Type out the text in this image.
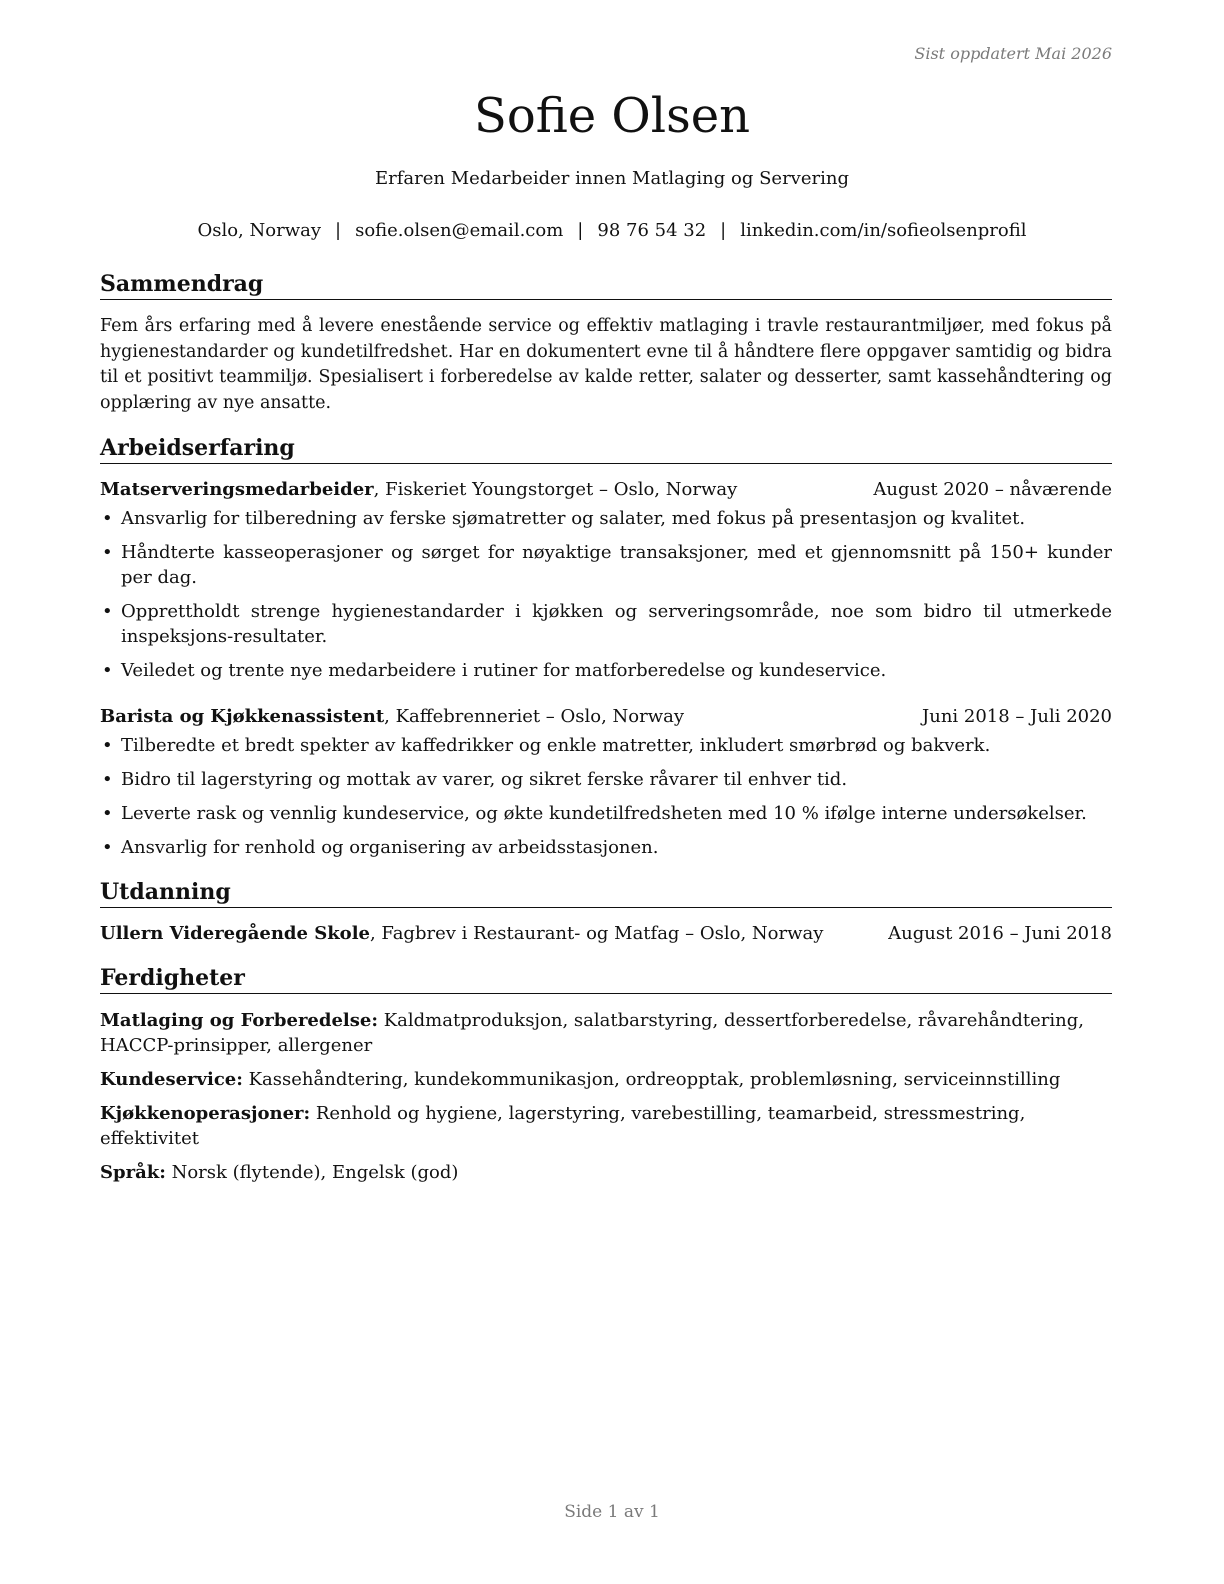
Sist oppdatert Mai 2026
Sofie Olsen
Erfaren Medarbeider innen Matlaging og Servering
Oslo, Norway | sofie.olsen@email.com | 98 76 54 32 | linkedin.com/in/sofieolsenprofil
Sammendrag
Fem års erfaring med å levere enestående service og effektiv matlaging i travle restaurantmiljøer, med fokus på hygienestandarder og kundetilfredshet. Har en dokumentert evne til å håndtere flere oppgaver samtidig og bidra til et positivt teammiljø. Spesialisert i forberedelse av kalde retter, salater og desserter, samt kassehåndtering og opplæring av nye ansatte.
Arbeidserfaring
Matserveringsmedarbeider, Fiskeriet Youngstorget – Oslo, Norway	August 2020 – nåværende
• Ansvarlig for tilberedning av ferske sjømatretter og salater, med fokus på presentasjon og kvalitet.
• Håndterte kasseoperasjoner og sørget for nøyaktige transaksjoner, med et gjennomsnitt på 150+ kunder per dag.
• Opprettholdt strenge hygienestandarder i kjøkken og serveringsområde, noe som bidro til utmerkede inspeksjons-resultater.
• Veiledet og trente nye medarbeidere i rutiner for matforberedelse og kundeservice.
Barista og Kjøkkenassistent, Kaffebrenneriet – Oslo, Norway	Juni 2018 – Juli 2020
• Tilberedte et bredt spekter av kaffedrikker og enkle matretter, inkludert smørbrød og bakverk.
• Bidro til lagerstyring og mottak av varer, og sikret ferske råvarer til enhver tid.
• Leverte rask og vennlig kundeservice, og økte kundetilfredsheten med 10 % ifølge interne undersøkelser.
• Ansvarlig for renhold og organisering av arbeidsstasjonen.
Utdanning
Ullern Videregående Skole, Fagbrev i Restaurant- og Matfag – Oslo, Norway	August 2016 – Juni 2018
Ferdigheter
Matlaging og Forberedelse: Kaldmatproduksjon, salatbarstyring, dessertforberedelse, råvarehåndtering, HACCP-prinsipper, allergener
Kundeservice: Kassehåndtering, kundekommunikasjon, ordreopptak, problemløsning, serviceinnstilling
Kjøkkenoperasjoner: Renhold og hygiene, lagerstyring, varebestilling, teamarbeid, stressmestring, effektivitet
Språk: Norsk (flytende), Engelsk (god)
Side 1 av 1
